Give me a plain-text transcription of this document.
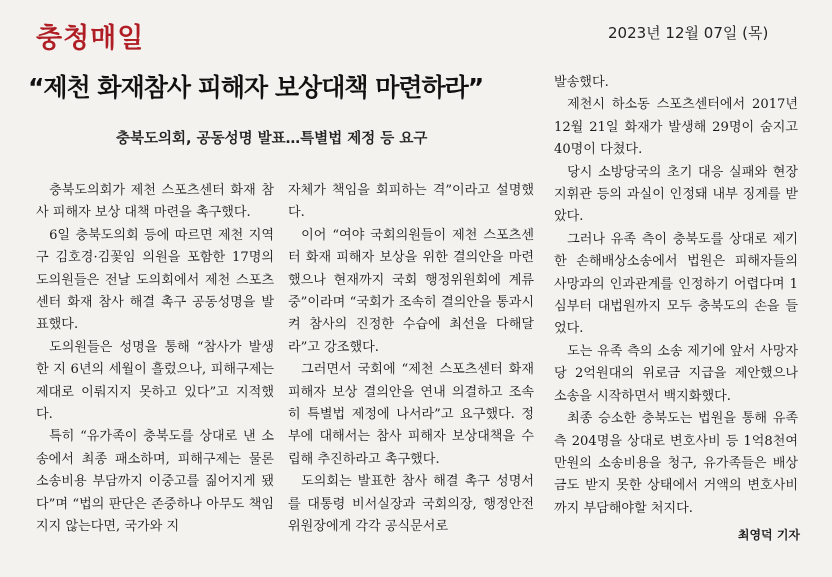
충청매일	2023년 12월 07일 (목)
“제천 화재참사 피해자 보상대책 마련하라”
충북도의회, 공동성명 발표…특별법 제정 등 요구

충북도의회가 제천 스포츠센터 화재 참사 피해자 보상 대책 마련을 촉구했다.

6일 충북도의회 등에 따르면 제천 지역구 김호경·김꽃임 의원을 포함한 17명의 도의원들은 전날 도의회에서 제천 스포츠센터 화재 참사 해결 촉구 공동성명을 발표했다.

도의원들은 성명을 통해 “참사가 발생한 지 6년의 세월이 흘렀으나, 피해구제는 제대로 이뤄지지 못하고 있다”고 지적했다.

특히 “유가족이 충북도를 상대로 낸 소송에서 최종 패소하며, 피해구제는 물론 소송비용 부담까지 이중고를 짊어지게 됐다”며 “법의 판단은 존중하나 아무도 책임지지 않는다면, 국가와 지

자체가 책임을 회피하는 격”이라고 설명했다.

이어 “여야 국회의원들이 제천 스포츠센터 화재 피해자 보상을 위한 결의안을 마련했으나 현재까지 국회 행정위원회에 계류 중”이라며 “국회가 조속히 결의안을 통과시켜 참사의 진정한 수습에 최선을 다해달라”고 강조했다.

그러면서 국회에 “제천 스포츠센터 화재 피해자 보상 결의안을 연내 의결하고 조속히 특별법 제정에 나서라”고 요구했다. 정부에 대해서는 참사 피해자 보상대책을 수립해 추진하라고 촉구했다.

도의회는 발표한 참사 해결 촉구 성명서를 대통령 비서실장과 국회의장, 행정안전위원장에게 각각 공식문서로

발송했다.

제천시 하소동 스포츠센터에서 2017년 12월 21일 화재가 발생해 29명이 숨지고 40명이 다쳤다.

당시 소방당국의 초기 대응 실패와 현장지휘관 등의 과실이 인정돼 내부 징계를 받았다.

그러나 유족 측이 충북도를 상대로 제기한 손해배상소송에서 법원은 피해자들의 사망과의 인과관계를 인정하기 어렵다며 1심부터 대법원까지 모두 충북도의 손을 들었다.

도는 유족 측의 소송 제기에 앞서 사망자당 2억원대의 위로금 지급을 제안했으나 소송을 시작하면서 백지화했다.

최종 승소한 충북도는 법원을 통해 유족 측 204명을 상대로 변호사비 등 1억8천여만원의 소송비용을 청구, 유가족들은 배상금도 받지 못한 상태에서 거액의 변호사비까지 부담해야할 처지다.

최영덕 기자
